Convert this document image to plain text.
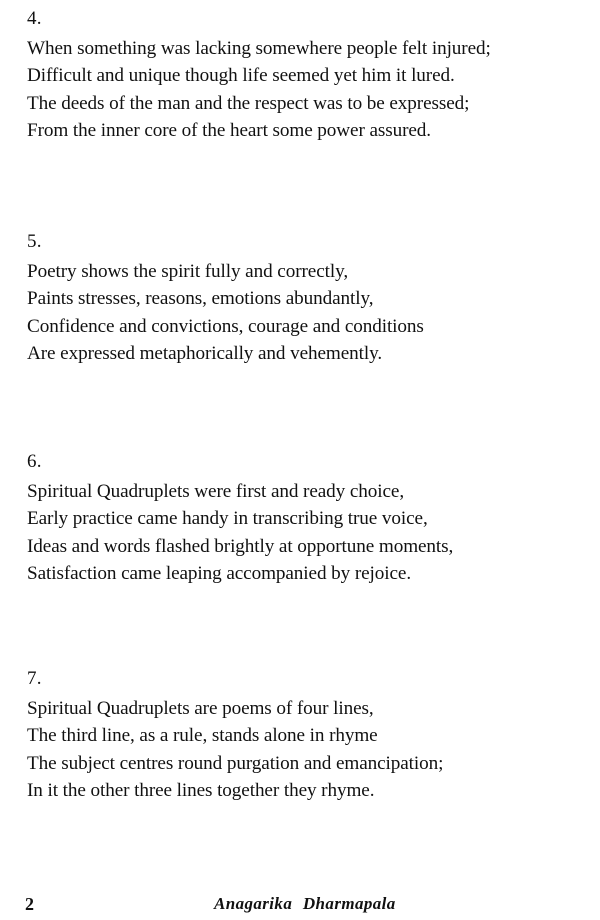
4.
When something was lacking somewhere people felt injured;
Difficult and unique though life seemed yet him it lured.
The deeds of the man and the respect was to be expressed;
From the inner core of the heart some power assured.
5.
Poetry shows the spirit fully and correctly,
Paints stresses, reasons, emotions abundantly,
Confidence and convictions, courage and conditions
Are expressed metaphorically and vehemently.
6.
Spiritual Quadruplets were first and ready choice,
Early practice came handy in transcribing true voice,
Ideas and words flashed brightly at opportune moments,
Satisfaction came leaping accompanied by rejoice.
7.
Spiritual Quadruplets are poems of four lines,
The third line, as a rule, stands alone in rhyme
The subject centres round purgation and emancipation;
In it the other three lines together they rhyme.
2	Anagarika Dharmapala
